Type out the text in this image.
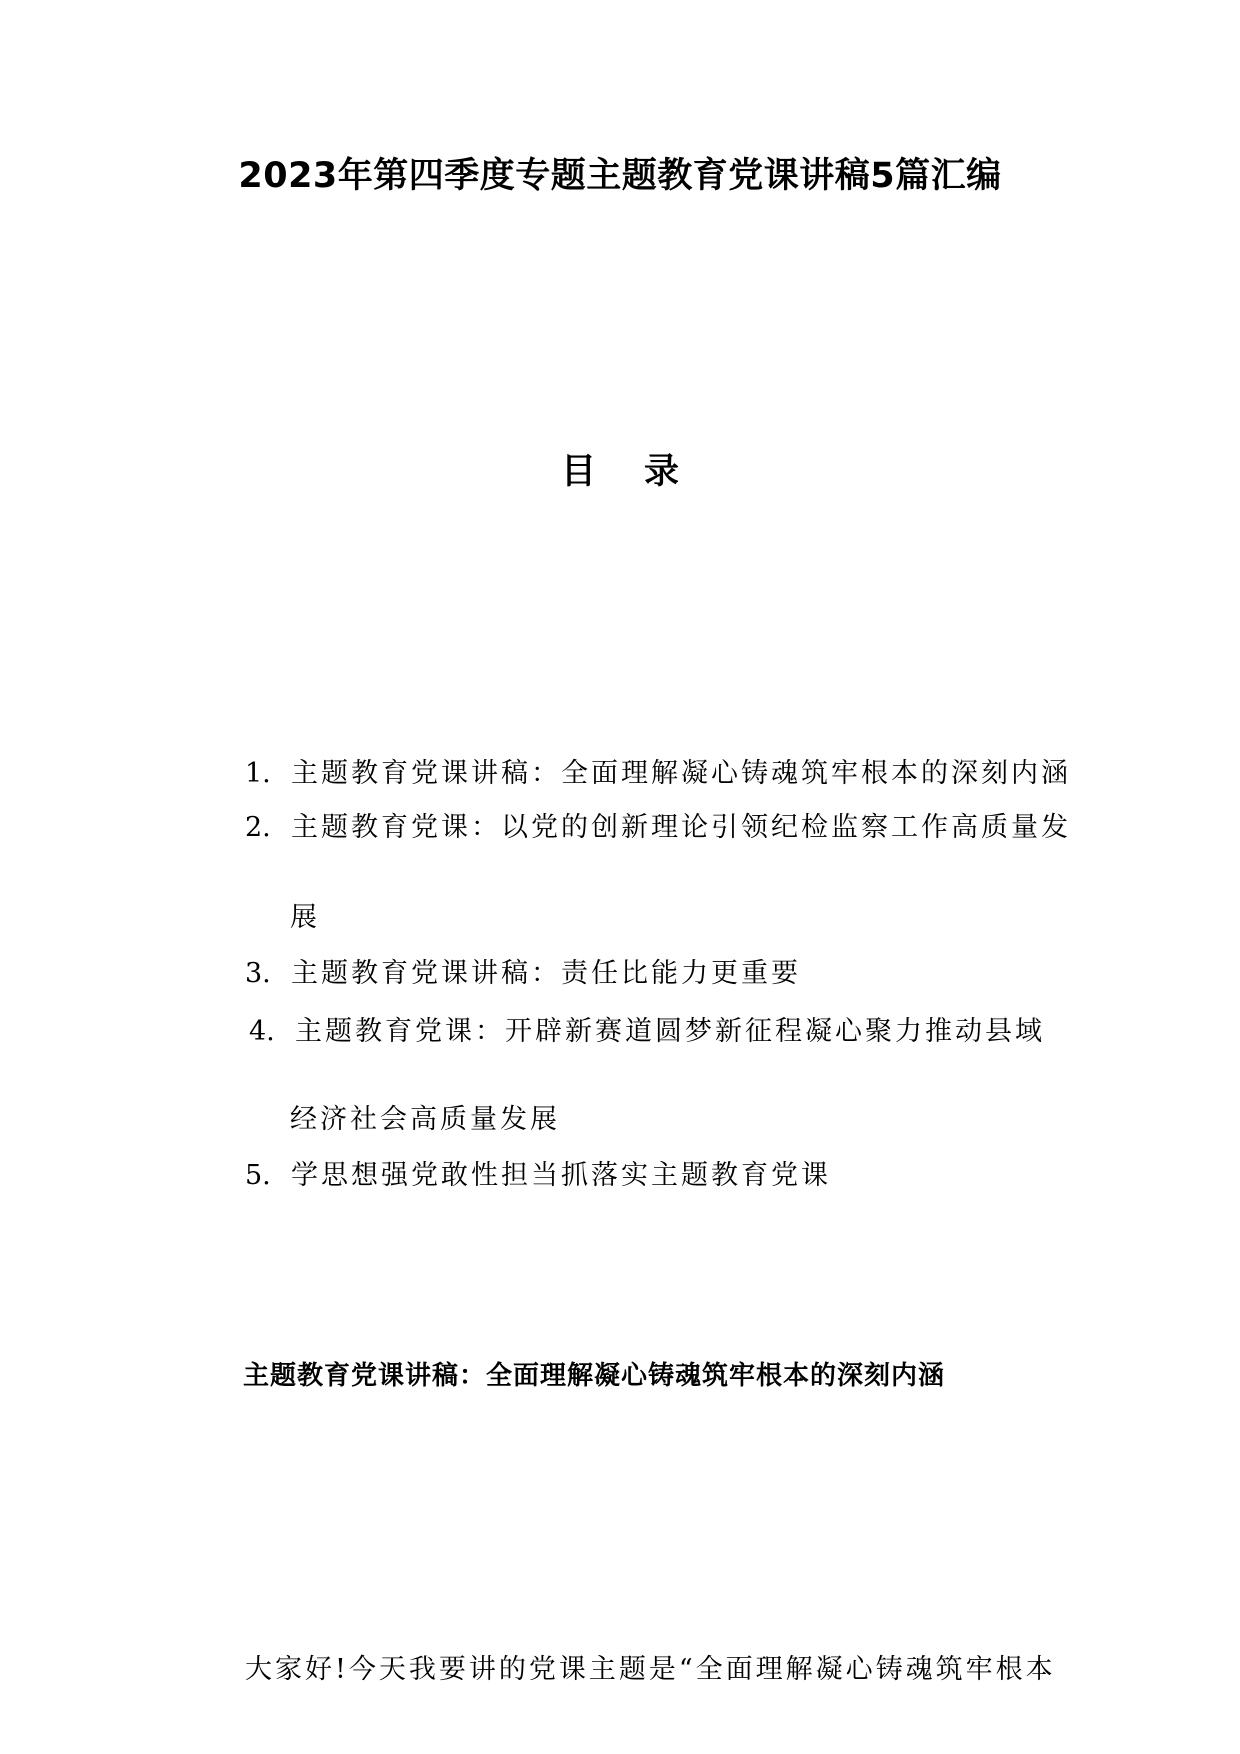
2023年第四季度专题主题教育党课讲稿5篇汇编
目录
1. 主题教育党课讲稿：全面理解凝心铸魂筑牢根本的深刻内涵
2. 主题教育党课：以党的创新理论引领纪检监察工作高质量发
展
3. 主题教育党课讲稿：责任比能力更重要
4. 主题教育党课：开辟新赛道圆梦新征程凝心聚力推动县域
经济社会高质量发展
5. 学思想强党敢性担当抓落实主题教育党课
主题教育党课讲稿：全面理解凝心铸魂筑牢根本的深刻内涵
大家好!今天我要讲的党课主题是“全面理解凝心铸魂筑牢根本
